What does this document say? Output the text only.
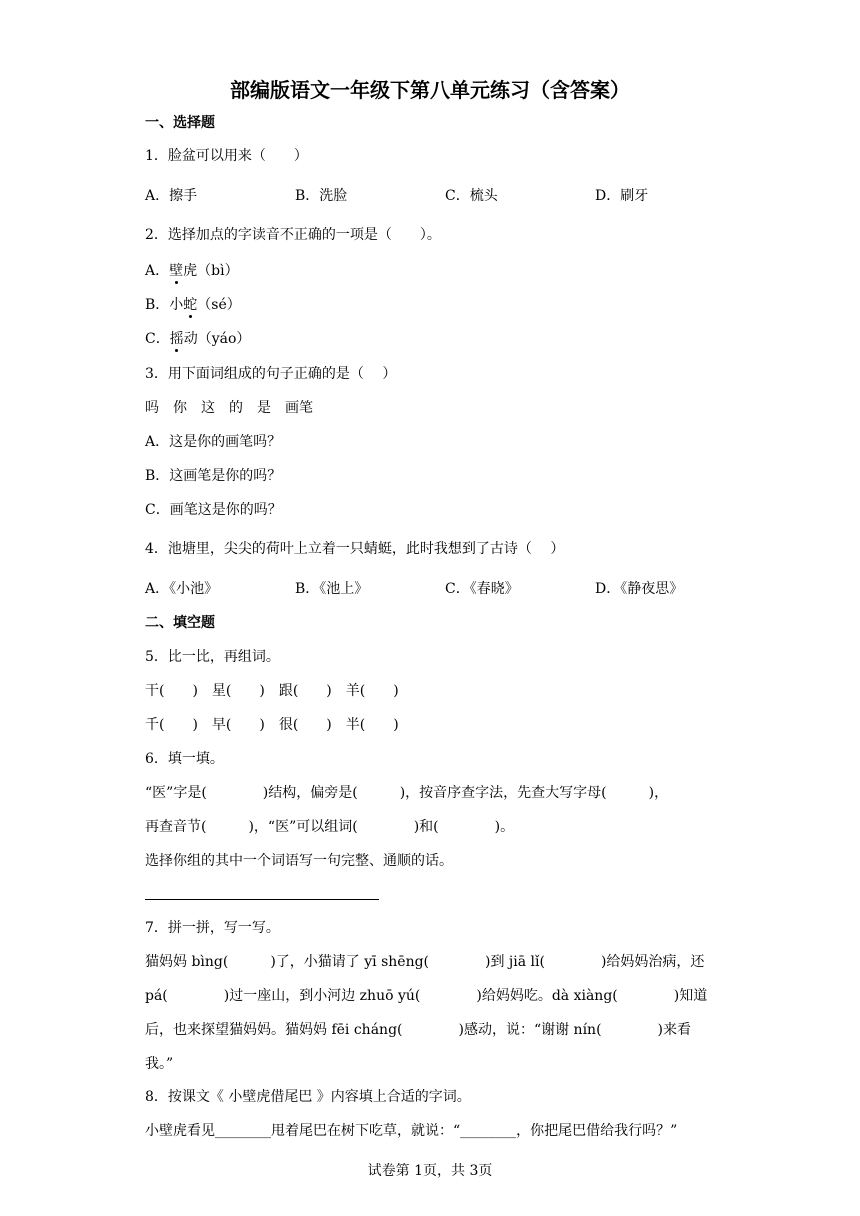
部编版语文一年级下第八单元练习（含答案）
一、选择题
1．脸盆可以用来（　　）
A．擦手	B．洗脸	C．梳头	D．刷牙
2．选择加点的字读音不正确的一项是（　　）。
A．壁虎（bì）
B．小蛇（sé）
C．摇动（yáo）
3．用下面词组成的句子正确的是（　 ）
吗　你　这　的　是　画笔
A．这是你的画笔吗？
B．这画笔是你的吗？
C．画笔这是你的吗？
4．池塘里，尖尖的荷叶上立着一只蜻蜓，此时我想到了古诗（　 ）
A．《小池》	B．《池上》	C．《春晓》	D．《静夜思》
二、填空题
5．比一比，再组词。
干(　　)　星(　　)　跟(　　)　羊(　　)
千(　　)　早(　　)　很(　　)　半(　　)
6．填一填。
“医”字是(　　　　)结构，偏旁是(　　　)，按音序查字法，先查大写字母(　　　)，
再查音节(　　　)，“医”可以组词(　　　　)和(　　　　)。
选择你组的其中一个词语写一句完整、通顺的话。
7．拼一拼，写一写。
猫妈妈 bìng(　　　)了，小猫请了 yī shēng(　　　　)到 jiā lǐ(　　　　)给妈妈治病，还
pá(　　　　)过一座山，到小河边 zhuō yú(　　　　)给妈妈吃。dà xiàng(　　　　)知道
后，也来探望猫妈妈。猫妈妈 fēi cháng(　　　　)感动，说：“谢谢 nín(　　　　)来看
我。”
8．按课文《 小壁虎借尾巴 》内容填上合适的字词。
小壁虎看见________甩着尾巴在树下吃草，就说：“________，你把尾巴借给我行吗？”
试卷第 1页，共 3页
